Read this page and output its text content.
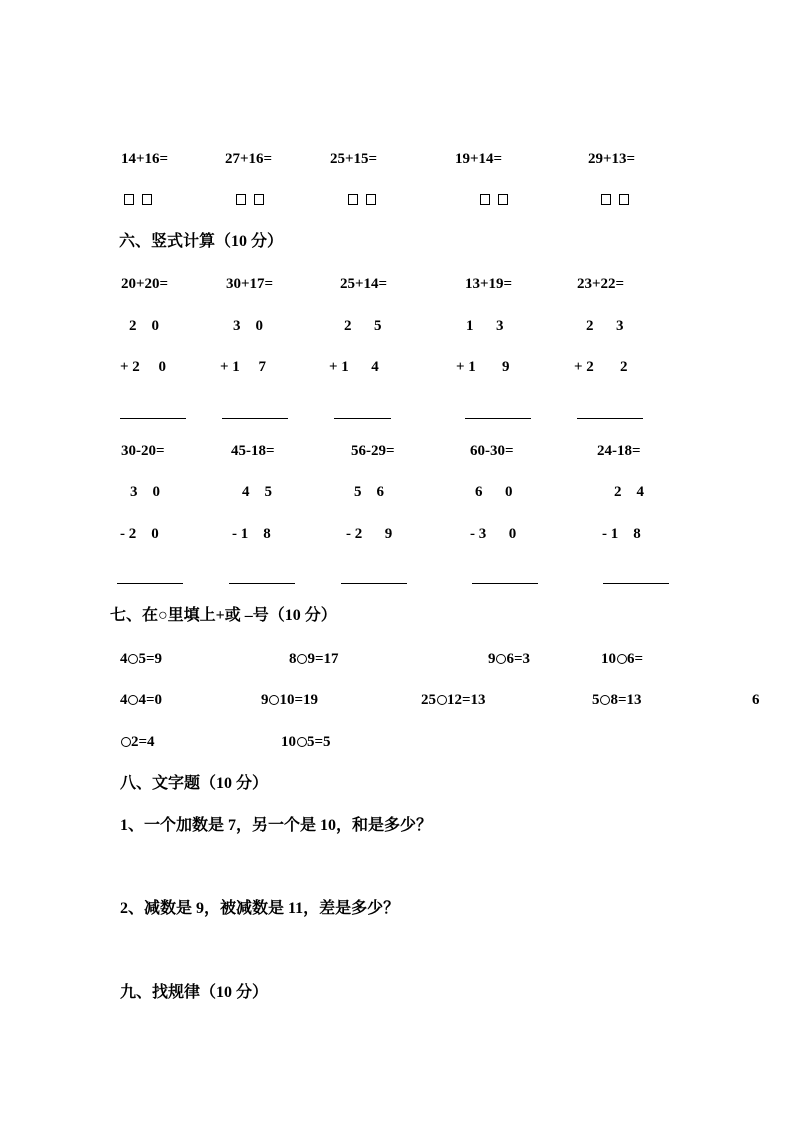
14+16=	27+16=	25+15=	19+14=	29+13=
六、竖式计算（10 分）
20+20=	30+17=	25+14=	13+19=	23+22=
2    0	3    0	2      5	1      3	2      3
+ 2     0	+ 1     7	+ 1      4	+ 1       9	+ 2       2
30-20=	45-18=	56-29=	60-30=	24-18=
3    0	4    5	5    6	6      0	2    4
- 2    0	- 1    8	- 2      9	- 3      0	- 1    8
七、在○里填上+或 –号（10 分）
4 5=9	8 9=17	9 6=3	10 6=
4 4=0	9 10=19	25 12=13	5 8=13	6
2=4	10 5=5
八、文字题（10 分）
1、一个加数是 7，另一个是 10，和是多少？
2、减数是 9，被减数是 11，差是多少？
九、找规律（10 分）
